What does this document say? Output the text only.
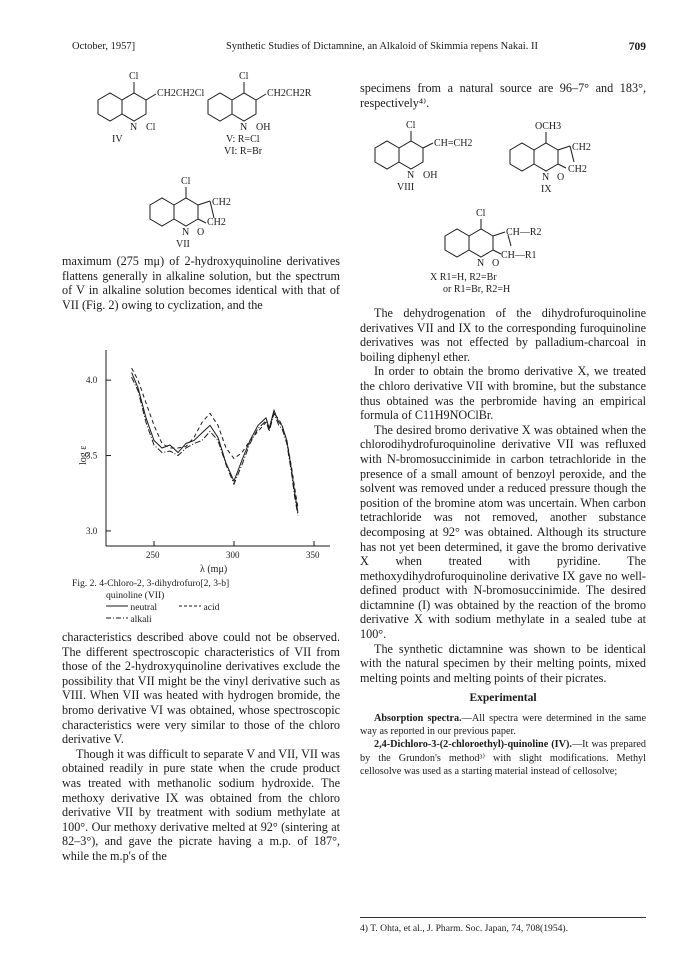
October, 1957]	Synthetic Studies of Dictamnine, an Alkaloid of Skimmia repens Nakai. II	709
Cl
CH2CH2Cl
N Cl
IV
Cl
CH2CH2R
N OH
V: R=Cl
VI: R=Br
Cl
CH2
N O
CH2
VII

maximum (275 mμ) of 2-hydroxyquinoline derivatives flattens generally in alkaline solution, but the spectrum of V in alkaline solution becomes identical with that of VII (Fig. 2) owing to cyclization, and the

250	300	350
4.0
3.5
3.0
log ε
λ (mμ)
Fig. 2. 4-Chloro-2, 3-dihydrofuro[2, 3-b]
quinoline (VII)
neutral	acid
alkali

characteristics described above could not be observed. The different spectroscopic characteristics of VII from those of the 2-hydroxyquinoline derivatives exclude the possibility that VII might be the vinyl derivative such as VIII. When VII was heated with hydrogen bromide, the bromo derivative VI was obtained, whose spectroscopic characteristics were very similar to those of the chloro derivative V.

Though it was difficult to separate V and VII, VII was obtained readily in pure state when the crude product was treated with methanolic sodium hydroxide. The methoxy derivative IX was obtained from the chloro derivative VII by treatment with sodium methylate at 100°. Our methoxy derivative melted at 92° (sintering at 82–3°), and gave the picrate having a m.p. of 187°, while the m.p's of the

specimens from a natural source are 96–7° and 183°, respectively⁴⁾.

Cl
CH=CH2
N OH
VIII
OCH3
CH2
N O
CH2
IX
Cl
CH—R2
N O
CH—R1
X R1=H, R2=Br
or R1=Br, R2=H

The dehydrogenation of the dihydrofuroquinoline derivatives VII and IX to the corresponding furoquinoline derivatives was not effected by palladium-charcoal in boiling diphenyl ether.

In order to obtain the bromo derivative X, we treated the chloro derivative VII with bromine, but the substance thus obtained was the perbromide having an empirical formula of C11H9NOClBr.

The desired bromo derivative X was obtained when the chlorodihydrofuroquinoline derivative VII was refluxed with N-bromosuccinimide in carbon tetrachloride in the presence of a small amount of benzoyl peroxide, and the solvent was removed under a reduced pressure though the position of the bromine atom was uncertain. When carbon tetrachloride was not removed, another substance decomposing at 92° was obtained. Although its structure has not yet been determined, it gave the bromo derivative X when treated with pyridine. The methoxydihydrofuroquinoline derivative IX gave no well-defined product with N-bromosuccinimide. The desired dictamnine (I) was obtained by the reaction of the bromo derivative X with sodium methylate in a sealed tube at 100°.

The synthetic dictamnine was shown to be identical with the natural specimen by their melting points, mixed melting points and melting points of their picrates.

Experimental

Absorption spectra.—All spectra were determined in the same way as reported in our previous paper.

2,4-Dichloro-3-(2-chloroethyl)-quinoline (IV).—It was prepared by the Grundon's method³⁾ with slight modifications. Methyl cellosolve was used as a starting material instead of cellosolve;

4) T. Ohta, et al., J. Pharm. Soc. Japan, 74, 708(1954).
